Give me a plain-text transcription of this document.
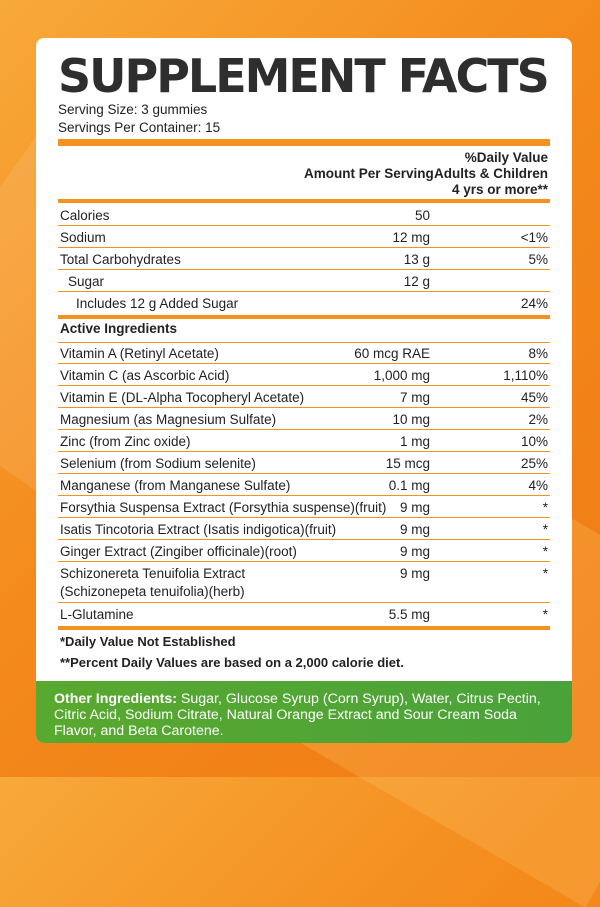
SUPPLEMENT FACTS
Serving Size: 3 gummies
Servings Per Container: 15
Amount Per Serving
%Daily Value
Adults & Children
4 yrs or more**
Calories	50
Sodium	12 mg	<1%
Total Carbohydrates	13 g	5%
Sugar	12 g
Includes 12 g Added Sugar	24%
Active Ingredients
Vitamin A (Retinyl Acetate)	60 mcg RAE	8%
Vitamin C (as Ascorbic Acid)	1,000 mg	1,110%
Vitamin E (DL-Alpha Tocopheryl Acetate)	7 mg	45%
Magnesium (as Magnesium Sulfate)	10 mg	2%
Zinc (from Zinc oxide)	1 mg	10%
Selenium (from Sodium selenite)	15 mcg	25%
Manganese (from Manganese Sulfate)	0.1 mg	4%
Forsythia Suspensa Extract (Forsythia suspense)(fruit) 9 mg	*
Isatis Tincotoria Extract (Isatis indigotica)(fruit)	9 mg	*
Ginger Extract (Zingiber officinale)(root)	9 mg	*
Schizonereta Tenuifolia Extract
(Schizonepeta tenuifolia)(herb)
9 mg	*
L-Glutamine	5.5 mg	*
*Daily Value Not Established
**Percent Daily Values are based on a 2,000 calorie diet.
Other Ingredients: Sugar, Glucose Syrup (Corn Syrup), Water, Citrus Pectin, Citric Acid, Sodium Citrate, Natural Orange Extract and Sour Cream Soda Flavor, and Beta Carotene.
